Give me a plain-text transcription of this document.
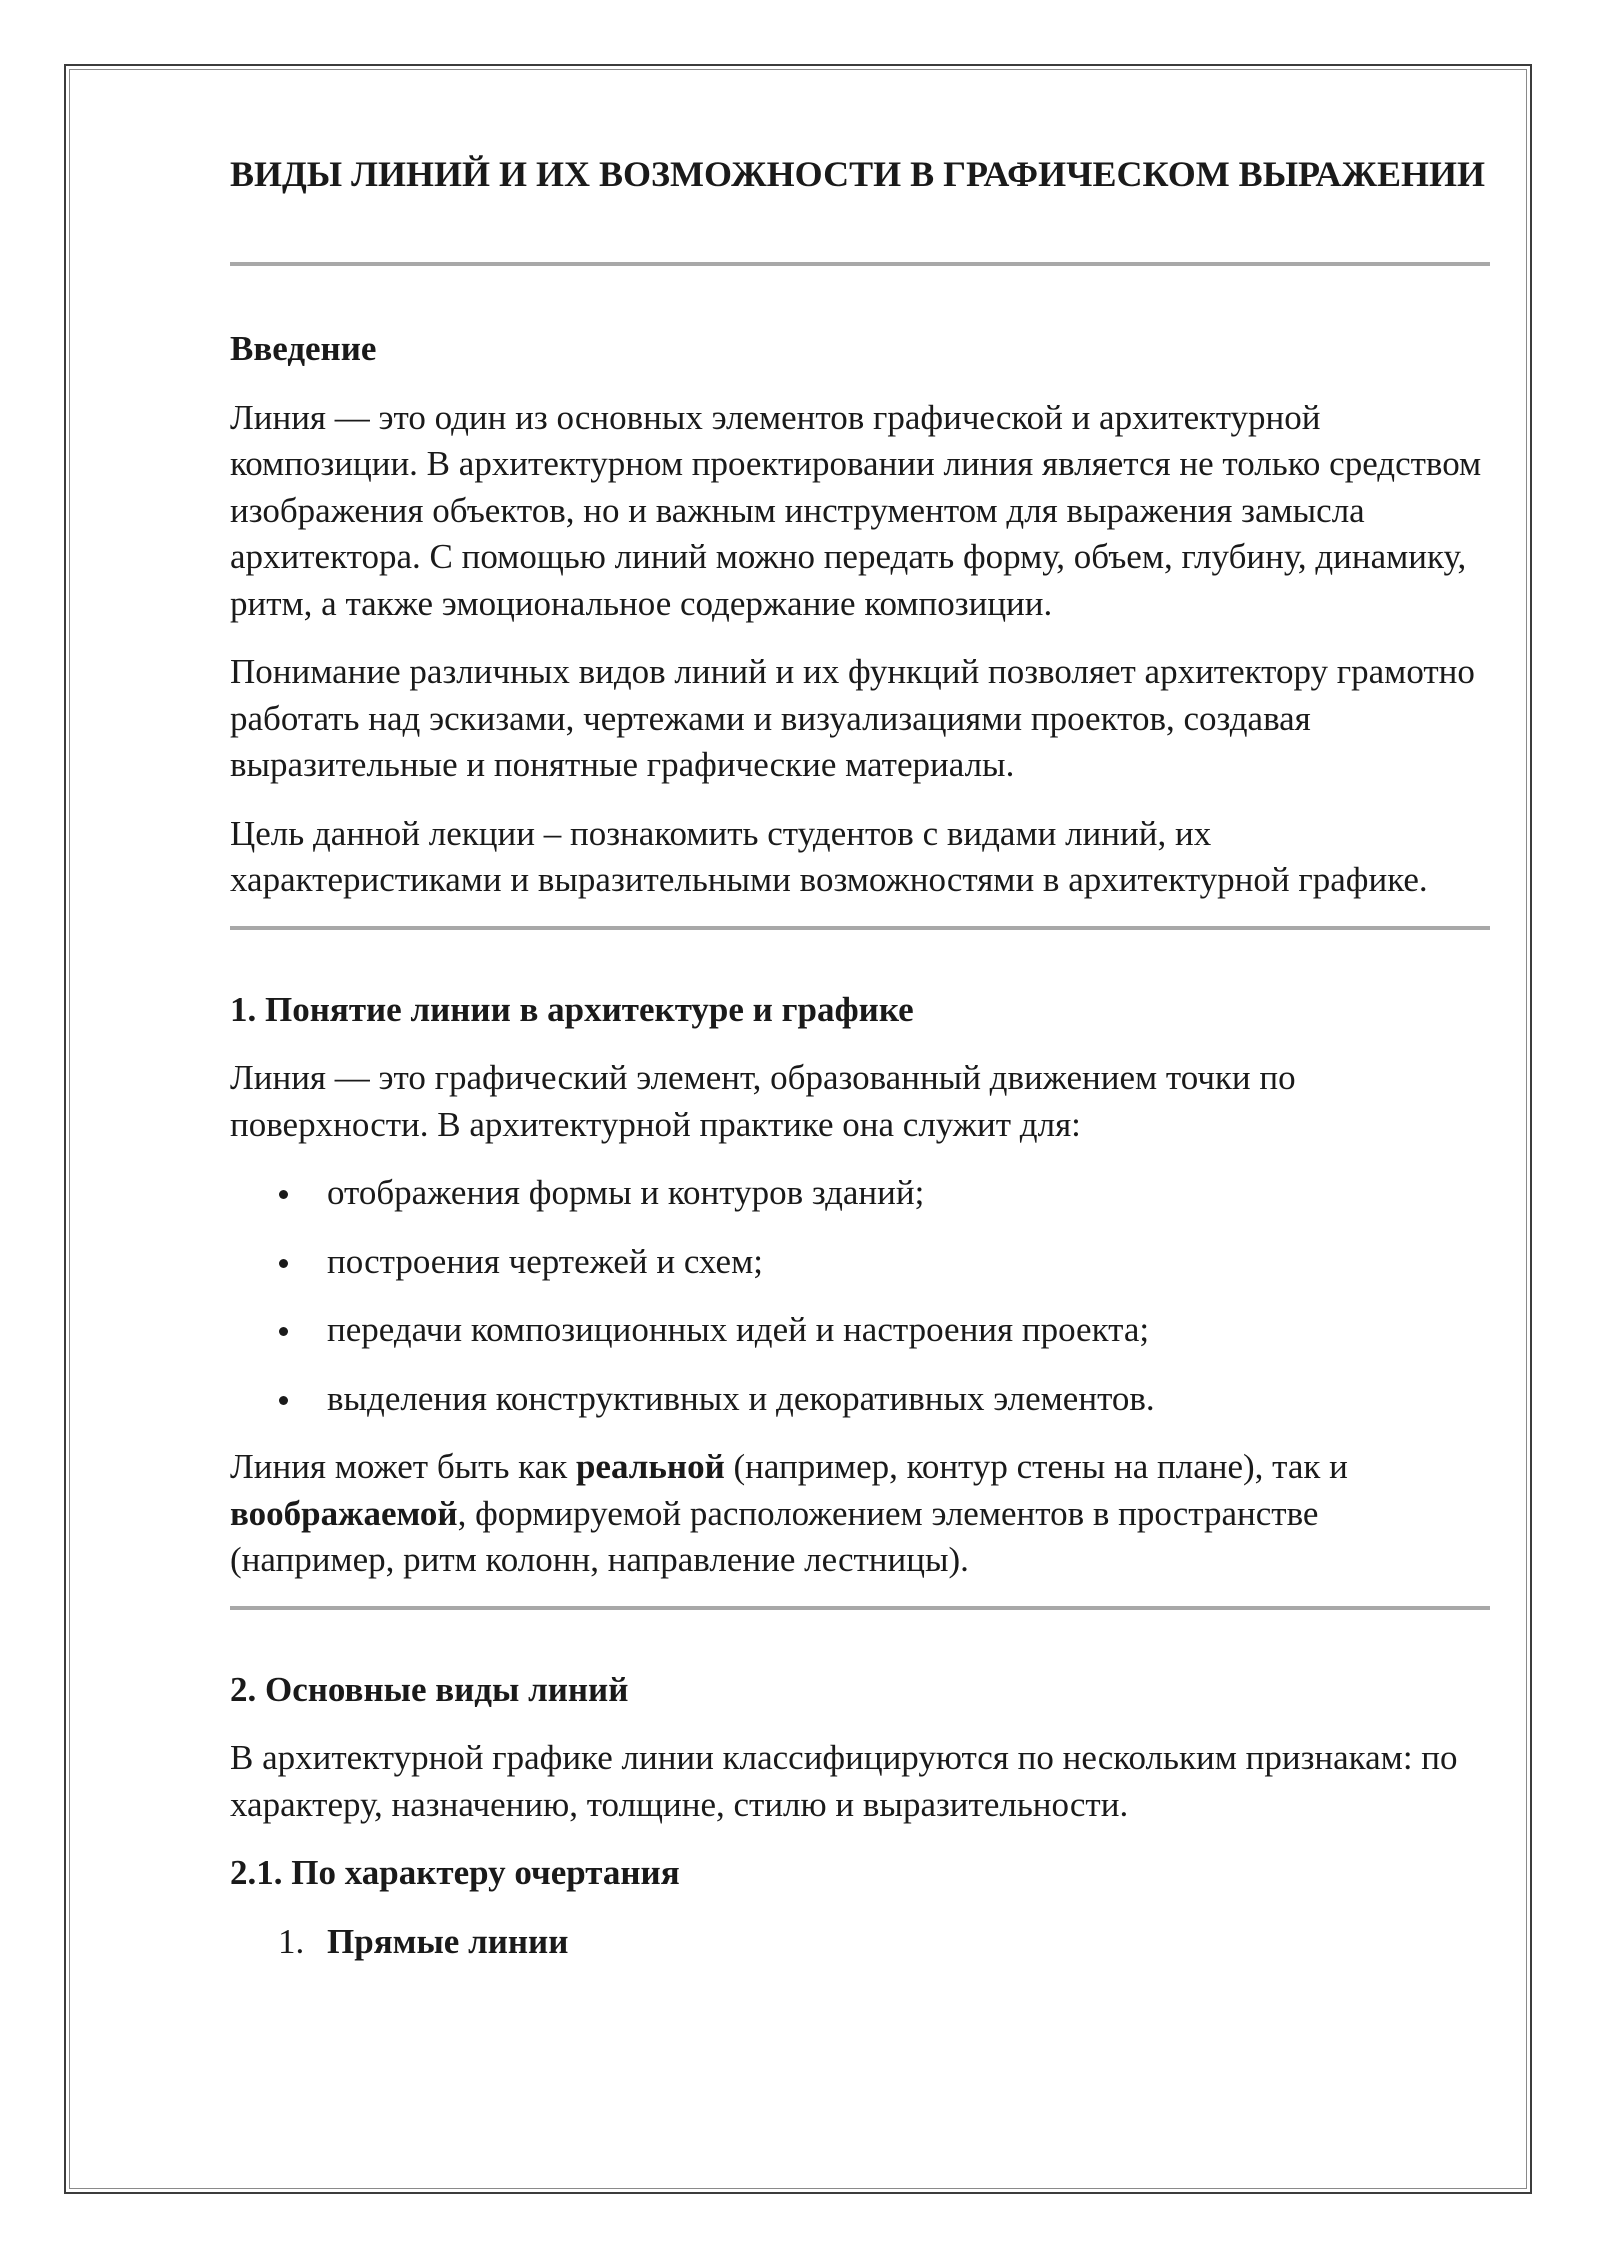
ВИДЫ ЛИНИЙ И ИХ ВОЗМОЖНОСТИ В ГРАФИЧЕСКОМ ВЫРАЖЕНИИ
Введение

Линия — это один из основных элементов графической и архитектурной композиции. В архитектурном проектировании линия является не только средством изображения объектов, но и важным инструментом для выражения замысла архитектора. С помощью линий можно передать форму, объем, глубину, динамику, ритм, а также эмоциональное содержание композиции.

Понимание различных видов линий и их функций позволяет архитектору грамотно работать над эскизами, чертежами и визуализациями проектов, создавая выразительные и понятные графические материалы.

Цель данной лекции – познакомить студентов с видами линий, их характеристиками и выразительными возможностями в архитектурной графике.

1. Понятие линии в архитектуре и графике

Линия — это графический элемент, образованный движением точки по поверхности. В архитектурной практике она служит для:

отображения формы и контуров зданий;
построения чертежей и схем;
передачи композиционных идей и настроения проекта;
выделения конструктивных и декоративных элементов.

Линия может быть как реальной (например, контур стены на плане), так и воображаемой, формируемой расположением элементов в пространстве (например, ритм колонн, направление лестницы).

2. Основные виды линий

В архитектурной графике линии классифицируются по нескольким признакам: по характеру, назначению, толщине, стилю и выразительности.

2.1. По характеру очертания
1. Прямые линии
